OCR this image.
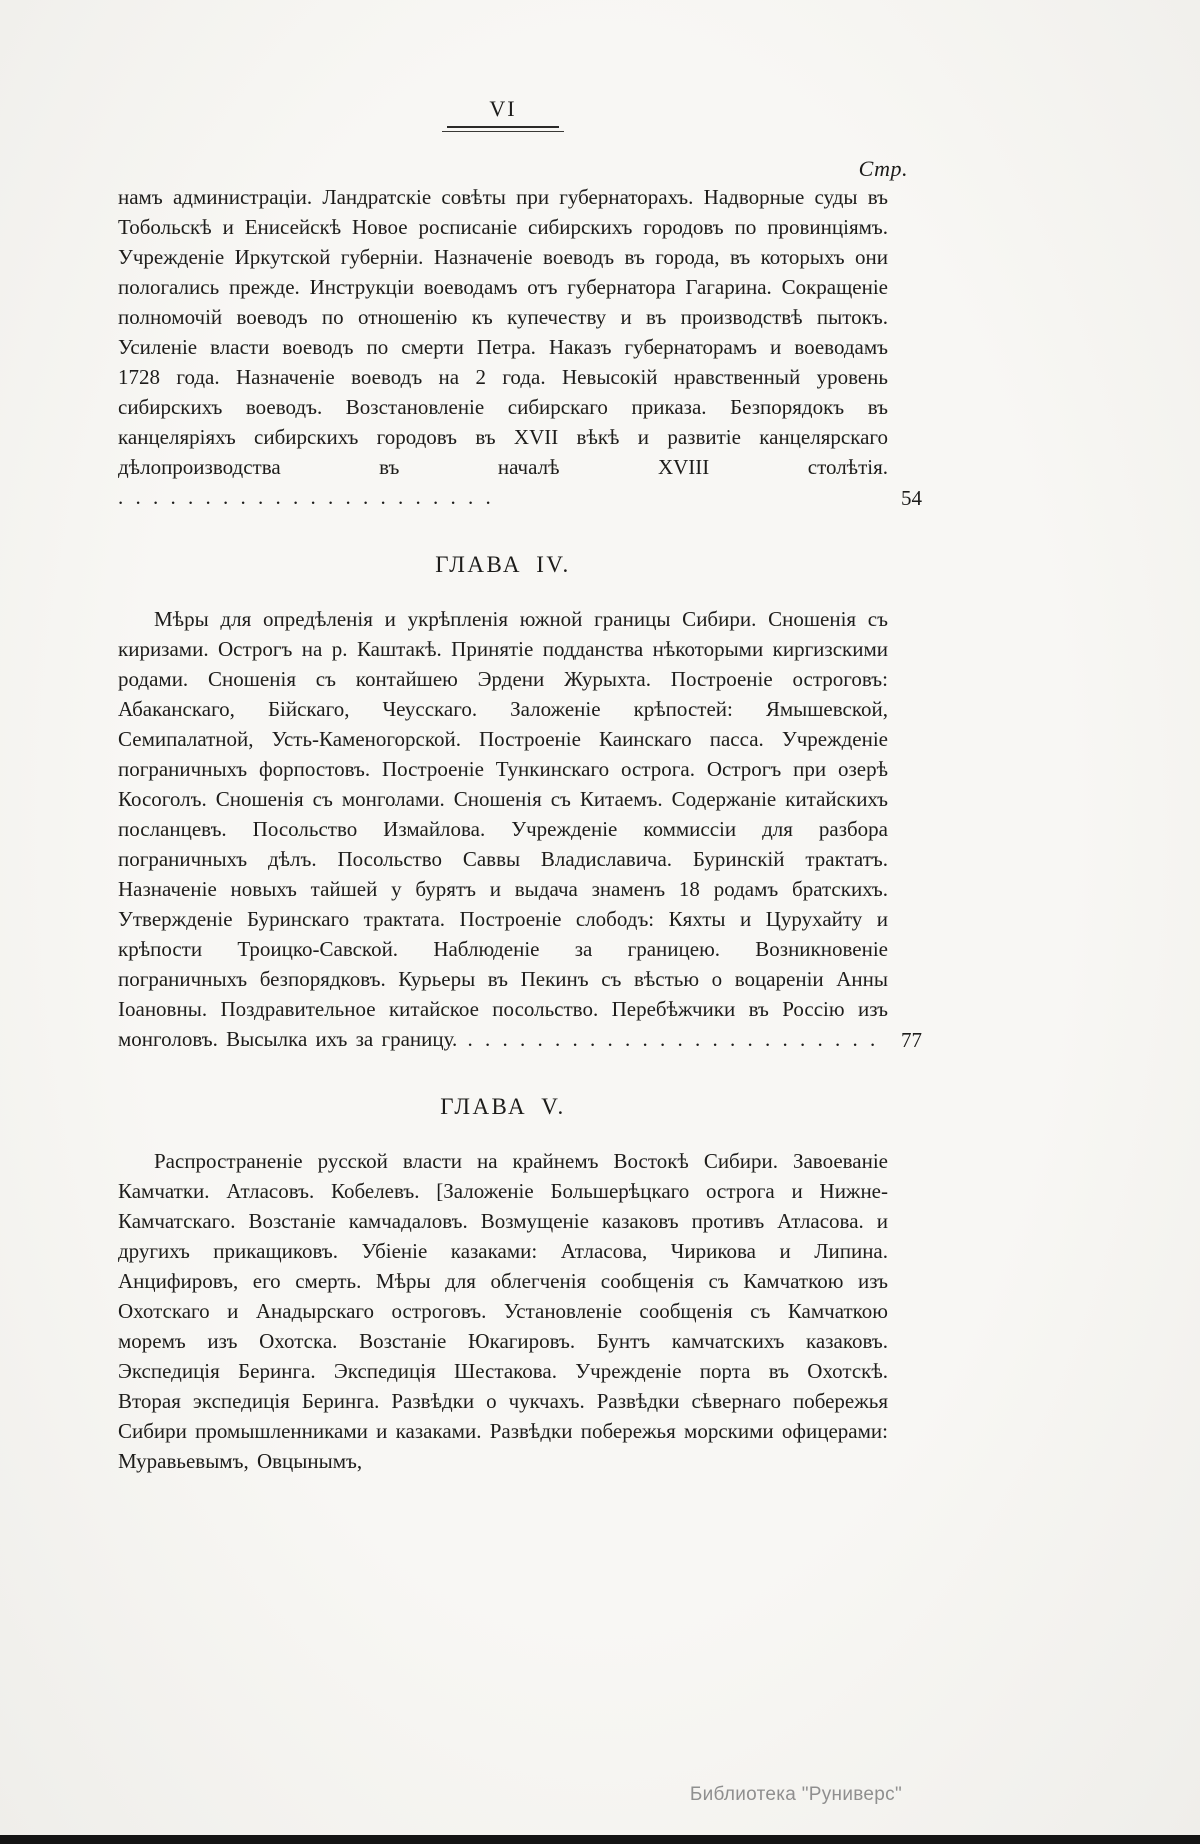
VI
Стр.

намъ администраціи. Ландратскіе совѣты при губернаторахъ. Надворные суды въ Тобольскѣ и Енисейскѣ Новое росписаніе сибирскихъ городовъ по провинціямъ. Учрежденіе Иркутской губерніи. Назначеніе воеводъ въ города, въ которыхъ они пологались прежде. Инструкціи воеводамъ отъ губернатора Гагарина. Сокращеніе полномочій воеводъ по отношенію къ купечеству и въ производствѣ пытокъ. Усиленіе власти воеводъ по смерти Петра. Наказъ губернаторамъ и воеводамъ 1728 года. Назначеніе воеводъ на 2 года. Невысокій нравственный уровень сибирскихъ воеводъ. Возстановленіе сибирскаго приказа. Безпорядокъ въ канцеляріяхъ сибирскихъ городовъ въ XVII вѣкѣ и развитіе канцелярскаго дѣлопроизводства въ началѣ XVIII столѣтія. . . . . . . . . . . . . . . . . . . . . . .	54
ГЛАВА IV.

Мѣры для опредѣленія и укрѣпленія южной границы Сибири. Сношенія съ киризами. Острогъ на р. Каштакѣ. Принятіе подданства нѣкоторыми киргизскими родами. Сношенія съ контайшею Эрдени Журыхта. Построеніе остроговъ: Абаканскаго, Бійскаго, Чеусскаго. Заложеніе крѣпостей: Ямышевской, Семипалатной, Усть-Каменогорской. Построеніе Каинскаго пасса. Учрежденіе пограничныхъ форпостовъ. Построеніе Тункинскаго острога. Острогъ при озерѣ Косоголъ. Сношенія съ монголами. Сношенія съ Китаемъ. Содержаніе китайскихъ посланцевъ. Посольство Измайлова. Учрежденіе коммиссіи для разбора пограничныхъ дѣлъ. Посольство Саввы Владиславича. Буринскій трактатъ. Назначеніе новыхъ тайшей у бурятъ и выдача знаменъ 18 родамъ братскихъ. Утвержденіе Буринскаго трактата. Построеніе слободъ: Кяхты и Цурухайту и крѣпости Троицко-Савской. Наблюденіе за границею. Возникновеніе пограничныхъ безпорядковъ. Курьеры въ Пекинъ съ вѣстью о воцареніи Анны Іоановны. Поздравительное китайское посольство. Перебѣжчики въ Россію изъ монголовъ. Высылка ихъ за границу. . . . . . . . . . . . . . . . . . . . . . . . .	77
ГЛАВА V.

Распространеніе русской власти на крайнемъ Востокѣ Сибири. Завоеваніе Камчатки. Атласовъ. Кобелевъ. [Заложеніе Большерѣцкаго острога и Нижне-Камчатскаго. Возстаніе камчадаловъ. Возмущеніе казаковъ противъ Атласова. и другихъ прикащиковъ. Убіеніе казаками: Атласова, Чирикова и Липина. Анцифировъ, его смерть. Мѣры для облегченія сообщенія съ Камчаткою изъ Охотскаго и Анадырскаго остроговъ. Установленіе сообщенія съ Камчаткою моремъ изъ Охотска. Возстаніе Юкагировъ. Бунтъ камчатскихъ казаковъ. Экспедиція Беринга. Экспедиція Шестакова. Учрежденіе порта въ Охотскѣ. Вторая экспедиція Беринга. Развѣдки о чукчахъ. Развѣдки сѣвернаго побережья Сибири промышленниками и казаками. Развѣдки побережья морскими офицерами: Муравьевымъ, Овцынымъ,

Библиотека "Руниверс"
